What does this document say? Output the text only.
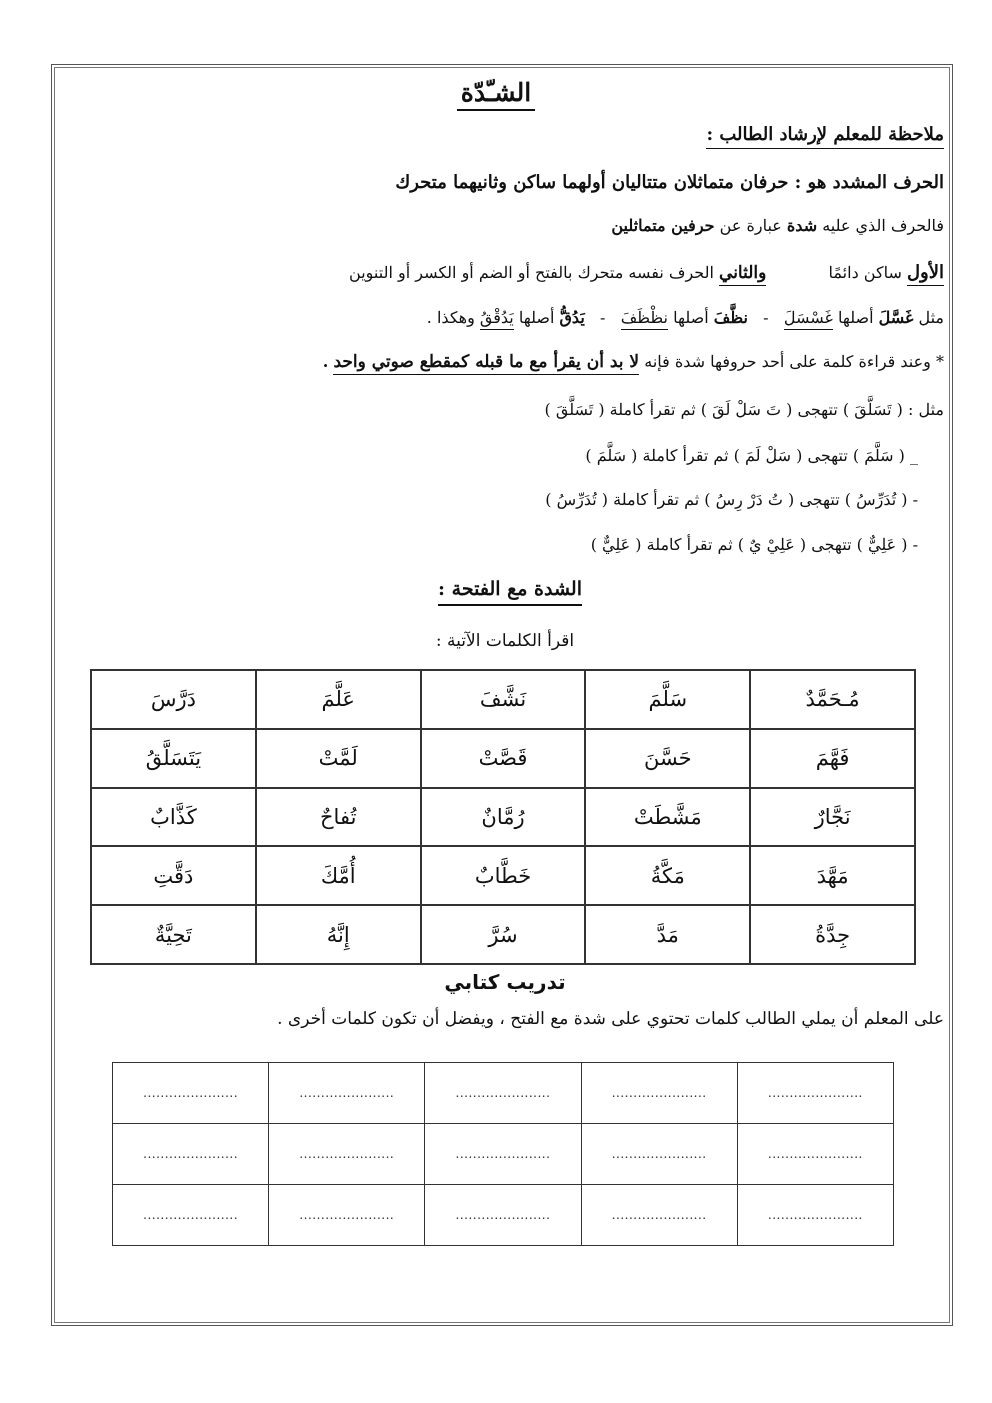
الشـّدّة
ملاحظة للمعلم لإرشاد الطالب :
الحرف المشدد هو : حرفان متماثلان متتاليان أولهما ساكن وثانيهما متحرك
فالحرف الذي عليه شدة عبارة عن حرفين متماثلين
الأول ساكن دائمًا  والثاني الحرف نفسه متحرك بالفتح أو الضم أو الكسر أو التنوين
مثل غَسَّلَ أصلها غَسْسَلَ   -   نظَّفَ أصلها نظْظَفَ   -   يَدُقُّ أصلها يَدُقْقُ وهكذا .
* وعند قراءة كلمة على أحد حروفها شدة فإنه لا بد أن يقرأ مع ما قبله كمقطع صوتي واحد .
مثل : ( تَسَلَّقَ ) تتهجى ( تَ سَلْ لَقَ ) ثم تقرأ كاملة ( تَسَلَّقَ )
_ ( سَلَّمَ ) تتهجى ( سَلْ لَمَ ) ثم تقرأ كاملة ( سَلَّمَ )
- ( تُدَرِّسُ ) تتهجى ( تُ دَرْ رِسُ ) ثم تقرأ كاملة ( تُدَرِّسُ )
- ( عَلِيٌّ ) تتهجى ( عَلِيْ يٌ ) ثم تقرأ كاملة ( عَلِيٌّ )
الشدة مع الفتحة :
اقرأ الكلمات الآتية :
مُـحَمَّدٌ	سَلَّمَ	نَشَّفَ	عَلَّمَ	دَرَّسَ
فَهَّمَ	حَسَّنَ	قَصَّتْ	لَمَّتْ	يَتَسَلَّقُ
نَجَّارٌ	مَشَّطَتْ	رُمَّانٌ	تُفاحٌ	كَذَّابٌ
مَهَّدَ	مَكَّةُ	خَطَّابٌ	أُمَّكَ	دَقَّتِ
جِدَّةُ	مَدَّ	سُرَّ	إِنَّهُ	تَحِيَّةٌ
تدريب كتابي
على المعلم أن يملي الطالب كلمات تحتوي على شدة مع الفتح ، ويفضل أن تكون كلمات أخرى .
......................	......................	......................	......................	......................
......................	......................	......................	......................	......................
......................	......................	......................	......................	......................
